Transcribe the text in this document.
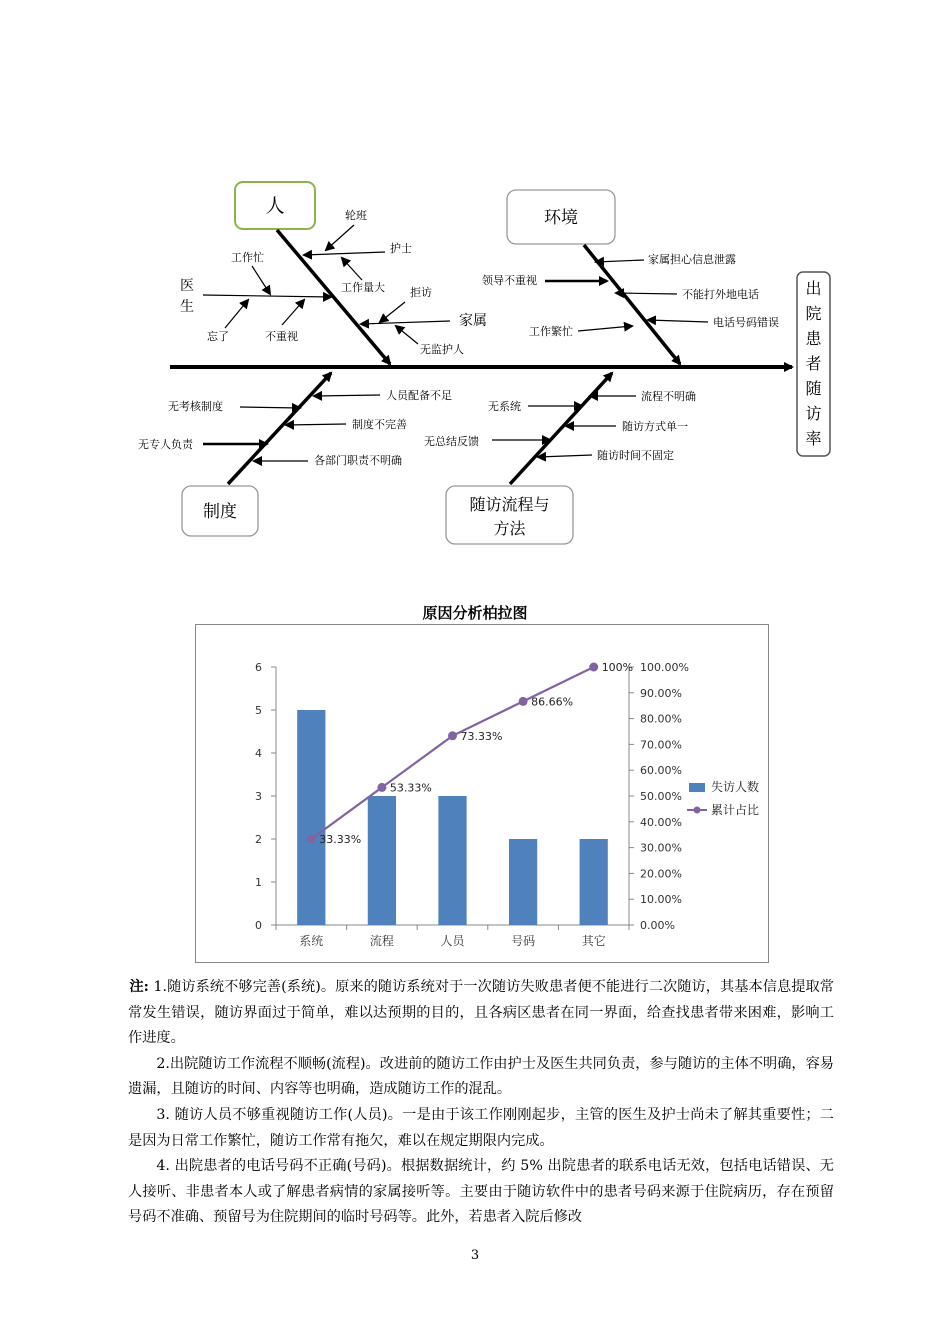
出
院
患
者
随
访
率
人
环境
制度	随访流程与
方法
轮班
护士
工作忙
工作量大
医
生
拒访
家属
忘了	不重视
无监护人
家属担心信息泄露
领导不重视
不能打外地电话
工作繁忙
电话号码错误
人员配备不足
无考核制度
制度不完善
无专人负责
各部门职责不明确
流程不明确
无系统
随访方式单一
无总结反馈
随访时间不固定
原因分析柏拉图
0
1
2
3
4
5
6
0.00%
10.00%
20.00%
30.00%
40.00%
50.00%
60.00%
70.00%
80.00%
90.00%
100.00%
33.33%
53.33%
73.33%
86.66%
100%
系统	流程	人员	号码	其它
失访人数
累计占比

注: 1.随访系统不够完善(系统)。原来的随访系统对于一次随访失败患者便不能进行二次随访，其基本信息提取常常发生错误，随访界面过于简单，难以达预期的目的，且各病区患者在同一界面，给查找患者带来困难，影响工作进度。

2.出院随访工作流程不顺畅(流程)。改进前的随访工作由护士及医生共同负责，参与随访的主体不明确，容易遗漏，且随访的时间、内容等也明确，造成随访工作的混乱。

3. 随访人员不够重视随访工作(人员)。一是由于该工作刚刚起步，主管的医生及护士尚未了解其重要性；二是因为日常工作繁忙，随访工作常有拖欠，难以在规定期限内完成。

4. 出院患者的电话号码不正确(号码)。根据数据统计，约 5% 出院患者的联系电话无效，包括电话错误、无人接听、非患者本人或了解患者病情的家属接听等。主要由于随访软件中的患者号码来源于住院病历，存在预留号码不准确、预留号为住院期间的临时号码等。此外，若患者入院后修改

3
